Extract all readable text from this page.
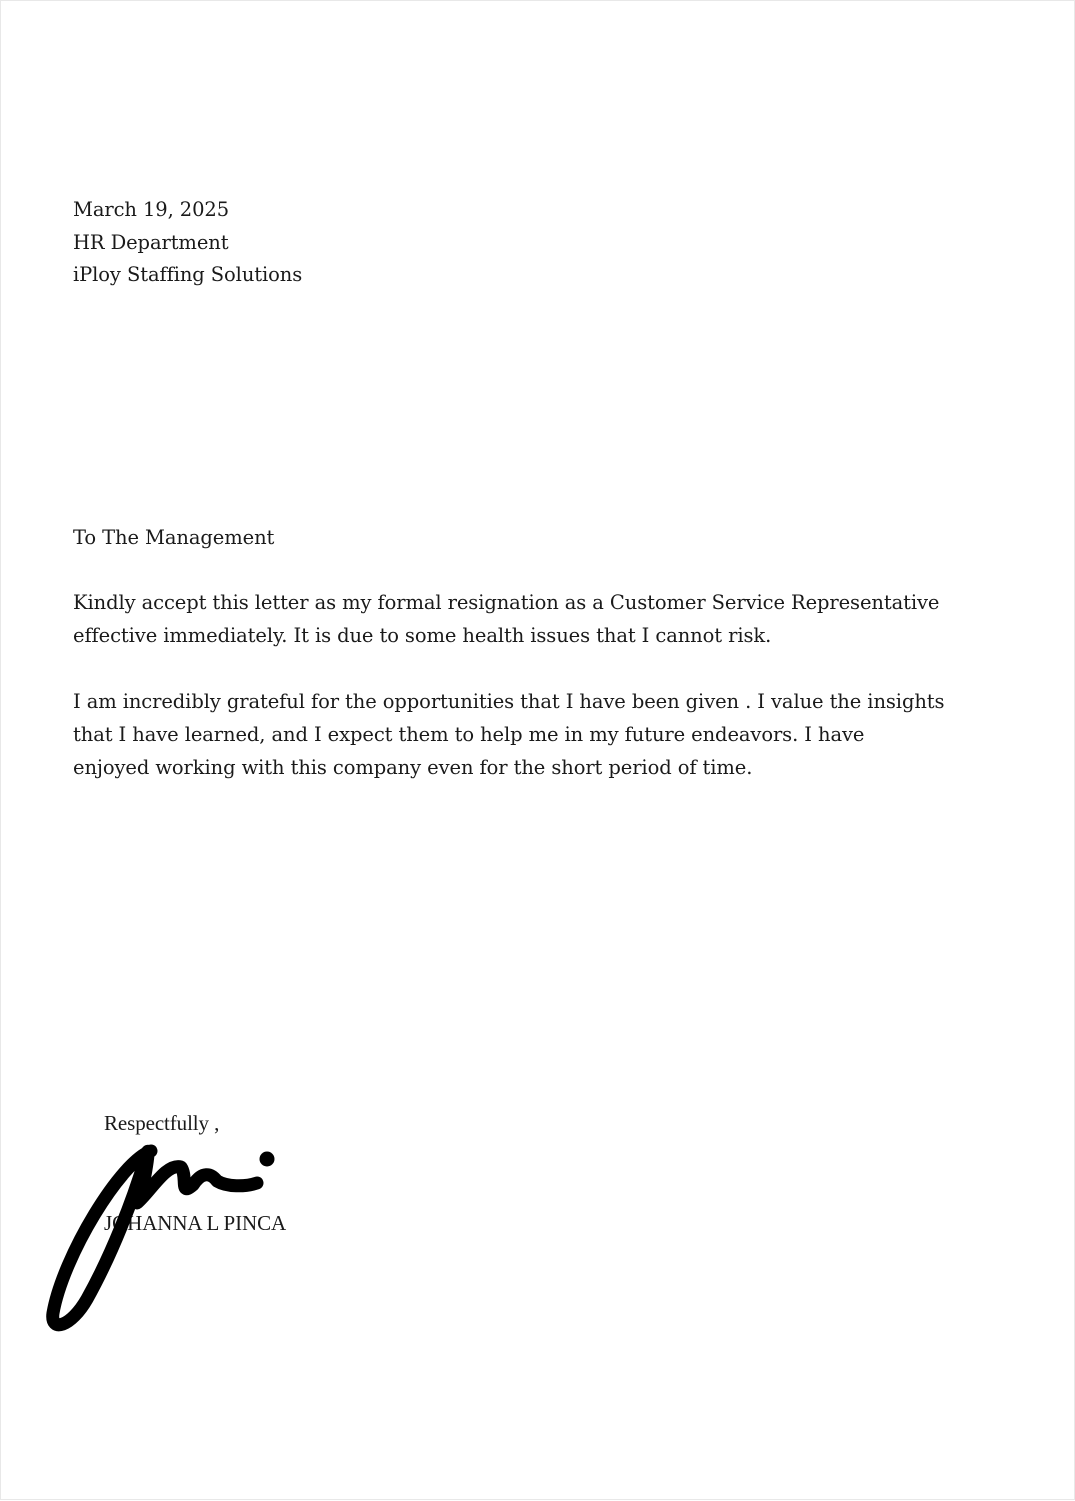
March 19, 2025
HR Department
iPloy Staffing Solutions
To The Management
Kindly accept this letter as my formal resignation as a Customer Service Representative
effective immediately. It is due to some health issues that I cannot risk.
I am incredibly grateful for the opportunities that I have been given . I value the insights
that I have learned, and I expect them to help me in my future endeavors. I have
enjoyed working with this company even for the short period of time.
Respectfully ,
JOHANNA L PINCA
